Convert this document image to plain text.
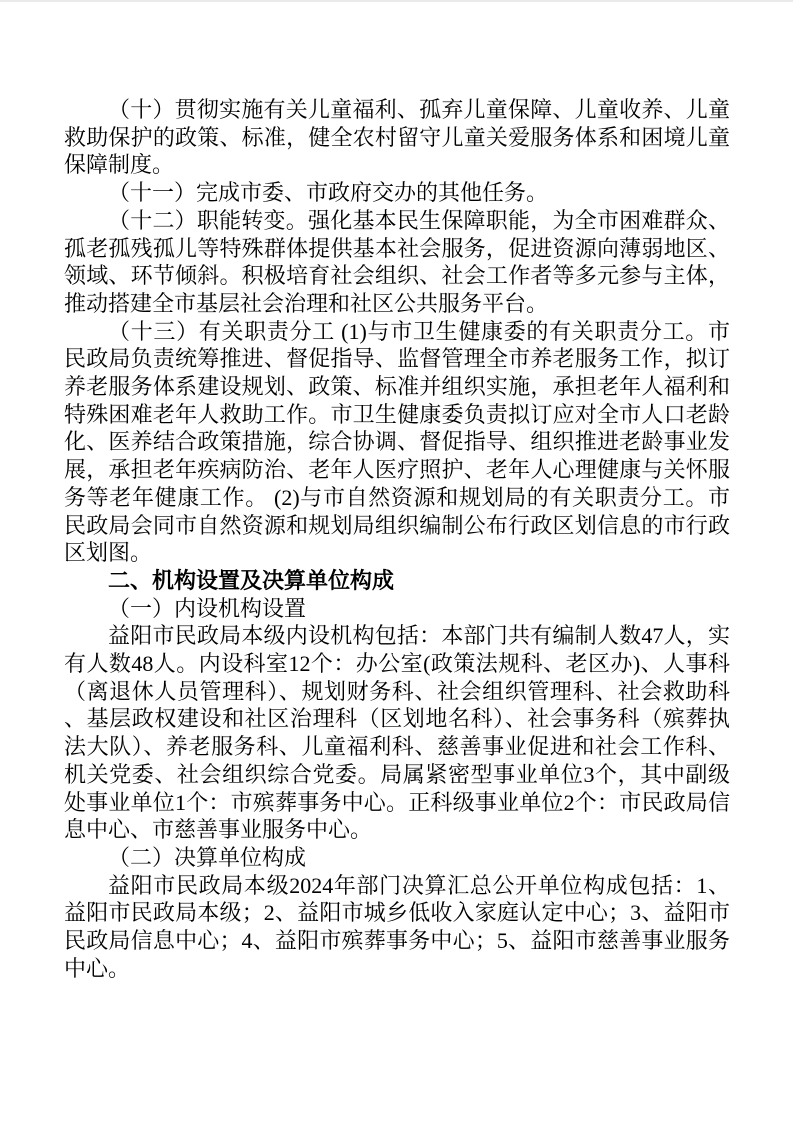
（十）贯彻实施有关儿童福利、孤弃儿童保障、儿童收养、儿童救助保护的政策、标准，健全农村留守儿童关爱服务体系和困境儿童保障制度。

（十一）完成市委、市政府交办的其他任务。

（十二）职能转变。强化基本民生保障职能，为全市困难群众、孤老孤残孤儿等特殊群体提供基本社会服务，促进资源向薄弱地区、领域、环节倾斜。积极培育社会组织、社会工作者等多元参与主体，推动搭建全市基层社会治理和社区公共服务平台。

（十三）有关职责分工 (1)与市卫生健康委的有关职责分工。市民政局负责统筹推进、督促指导、监督管理全市养老服务工作，拟订养老服务体系建设规划、政策、标准并组织实施，承担老年人福利和特殊困难老年人救助工作。市卫生健康委负责拟订应对全市人口老龄化、医养结合政策措施，综合协调、督促指导、组织推进老龄事业发展，承担老年疾病防治、老年人医疗照护、老年人心理健康与关怀服务等老年健康工作。 (2)与市自然资源和规划局的有关职责分工。市民政局会同市自然资源和规划局组织编制公布行政区划信息的市行政区划图。

二、机构设置及决算单位构成

（一）内设机构设置

益阳市民政局本级内设机构包括：本部门共有编制人数47人，实有人数48人。内设科室12个：办公室(政策法规科、老区办)、人事科（离退休人员管理科）、规划财务科、社会组织管理科、社会救助科、基层政权建设和社区治理科（区划地名科）、社会事务科（殡葬执法大队）、养老服务科、儿童福利科、慈善事业促进和社会工作科、机关党委、社会组织综合党委。局属紧密型事业单位3个，其中副级处事业单位1个：市殡葬事务中心。正科级事业单位2个：市民政局信息中心、市慈善事业服务中心。

（二）决算单位构成

益阳市民政局本级2024年部门决算汇总公开单位构成包括：1、益阳市民政局本级；2、益阳市城乡低收入家庭认定中心；3、益阳市民政局信息中心；4、益阳市殡葬事务中心；5、益阳市慈善事业服务中心。
